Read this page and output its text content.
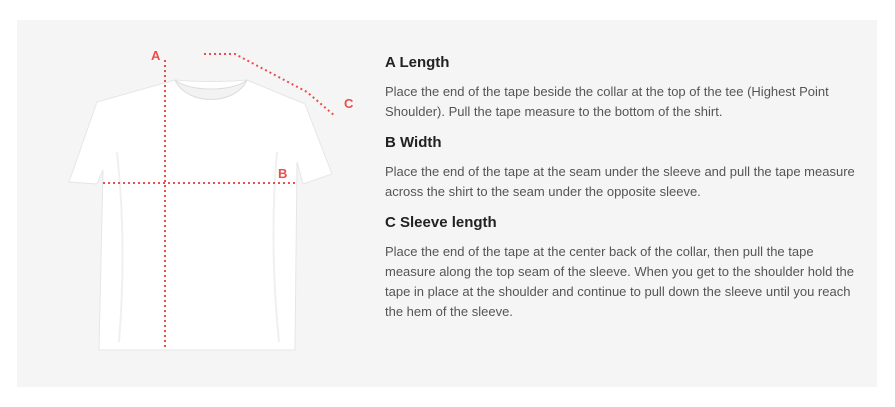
A
B
C
A Length

Place the end of the tape beside the collar at the top of the tee (Highest Point Shoulder). Pull the tape measure to the bottom of the shirt.

B Width

Place the end of the tape at the seam under the sleeve and pull the tape measure across the shirt to the seam under the opposite sleeve.

C Sleeve length

Place the end of the tape at the center back of the collar, then pull the tape measure along the top seam of the sleeve. When you get to the shoulder hold the tape in place at the shoulder and continue to pull down the sleeve until you reach the hem of the sleeve.
